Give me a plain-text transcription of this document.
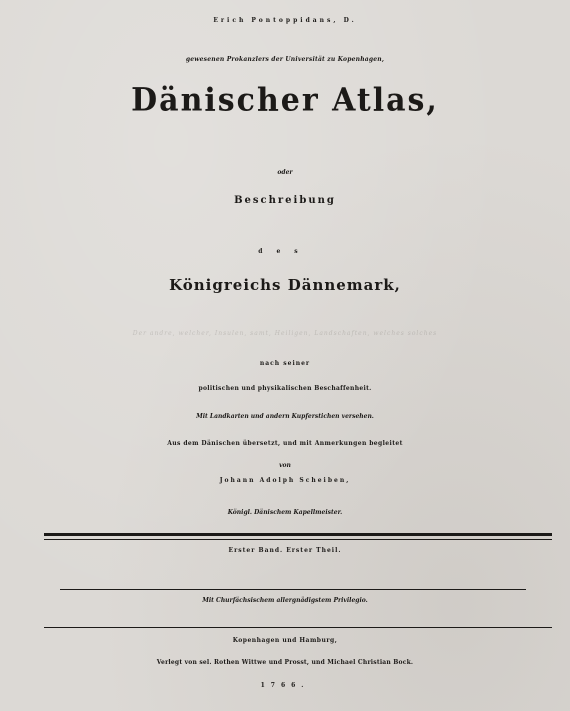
Erich Pontoppidans, D.

gewesenen Prokanzlers der Universität zu Kopenhagen,

Dänischer Atlas,

oder

Beschreibung

des

Königreichs Dännemark,

Der andre, welcher, Insulen, samt, Heiligen, Landschaften, welches solches

nach seiner

politischen und physikalischen Beschaffenheit.

Mit Landkarten und andern Kupferstichen versehen.

Aus dem Dänischen übersetzt, und mit Anmerkungen begleitet

von

Johann Adolph Scheiben,

Königl. Dänischem Kapellmeister.

Erster Band. Erster Theil.

Mit Churfächsischem allergnädigstem Privilegio.

Kopenhagen und Hamburg,

Verlegt von sel. Rothen Wittwe und Prosst, und Michael Christian Bock.

1766.
